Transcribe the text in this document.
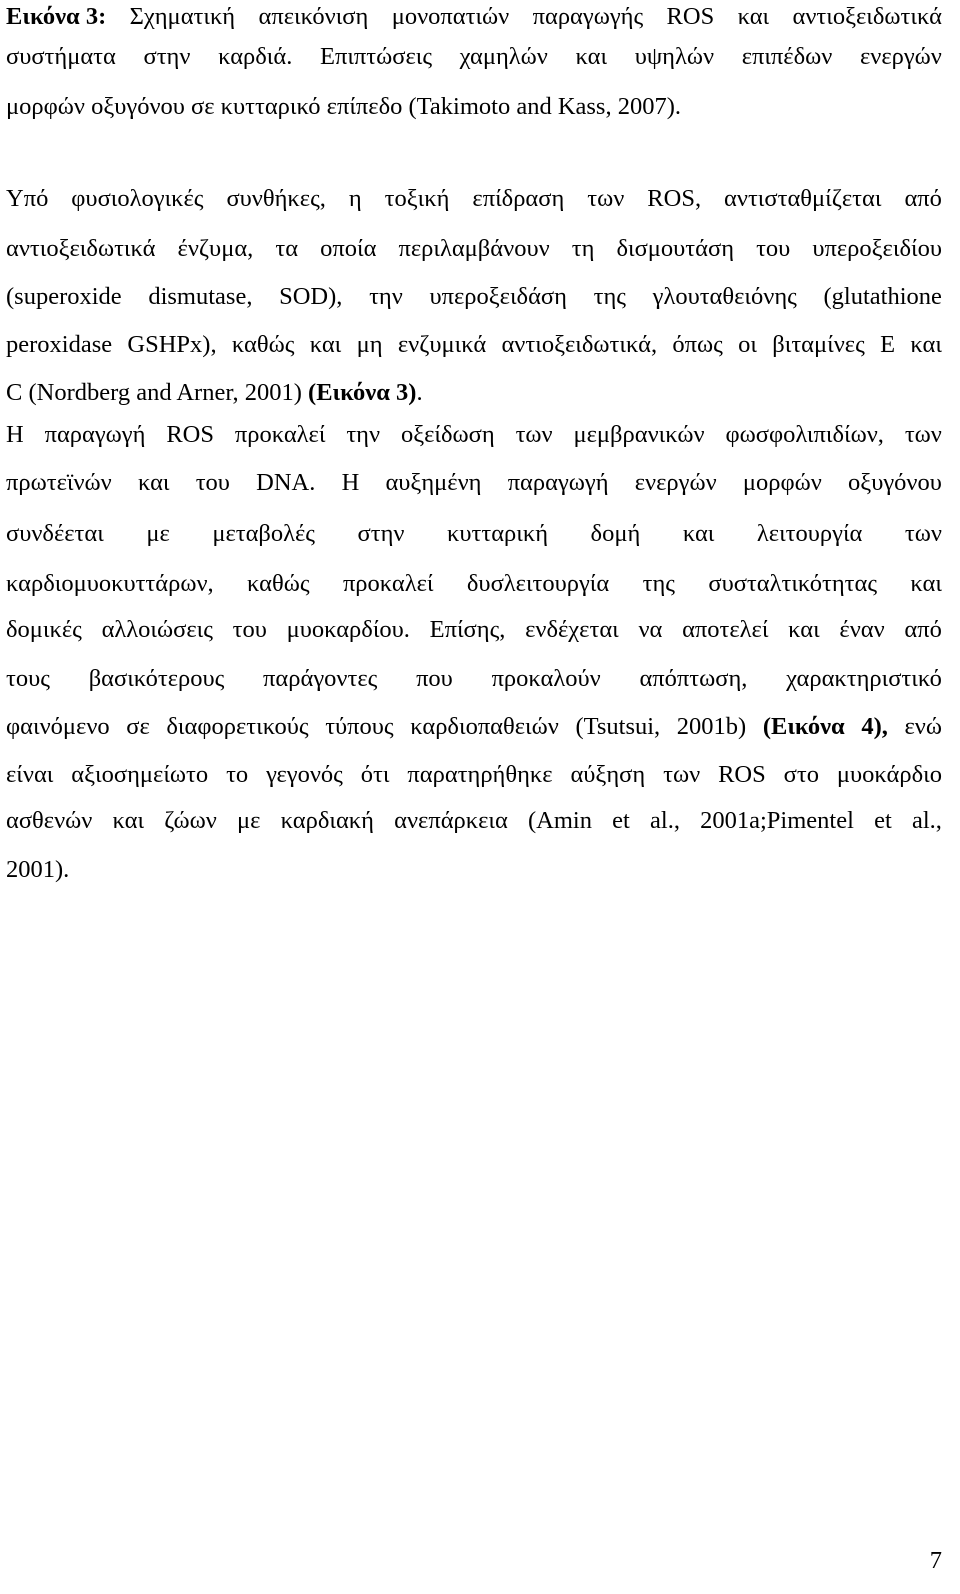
Εικόνα 3: Σχηματική απεικόνιση μονοπατιών παραγωγής ROS και αντιοξειδωτικά
συστήματα στην καρδιά. Επιπτώσεις χαμηλών και υψηλών επιπέδων ενεργών
μορφών οξυγόνου σε κυτταρικό επίπεδο (Takimoto and Kass, 2007).
Υπό φυσιολογικές συνθήκες, η τοξική επίδραση των ROS, αντισταθμίζεται από
αντιοξειδωτικά ένζυμα, τα οποία περιλαμβάνουν τη δισμουτάση του υπεροξειδίου
(superoxide dismutase, SOD), την υπεροξειδάση της γλουταθειόνης (glutathione
peroxidase GSHPx), καθώς και μη ενζυμικά αντιοξειδωτικά, όπως οι βιταμίνες Ε και
C (Nordberg and Arner, 2001) (Εικόνα 3).
Η παραγωγή ROS προκαλεί την οξείδωση των μεμβρανικών φωσφολιπιδίων, των
πρωτεϊνών και του DNA. Η αυξημένη παραγωγή ενεργών μορφών οξυγόνου
συνδέεται με μεταβολές στην κυτταρική δομή και λειτουργία των
καρδιομυοκυττάρων, καθώς προκαλεί δυσλειτουργία της συσταλτικότητας και
δομικές αλλοιώσεις του μυοκαρδίου. Επίσης, ενδέχεται να αποτελεί και έναν από
τους βασικότερους παράγοντες που προκαλούν απόπτωση, χαρακτηριστικό
φαινόμενο σε διαφορετικούς τύπους καρδιοπαθειών (Tsutsui, 2001b) (Εικόνα 4), ενώ
είναι αξιοσημείωτο το γεγονός ότι παρατηρήθηκε αύξηση των ROS στο μυοκάρδιο
ασθενών και ζώων με καρδιακή ανεπάρκεια (Amin et al., 2001a;Pimentel et al.,
2001).
7
